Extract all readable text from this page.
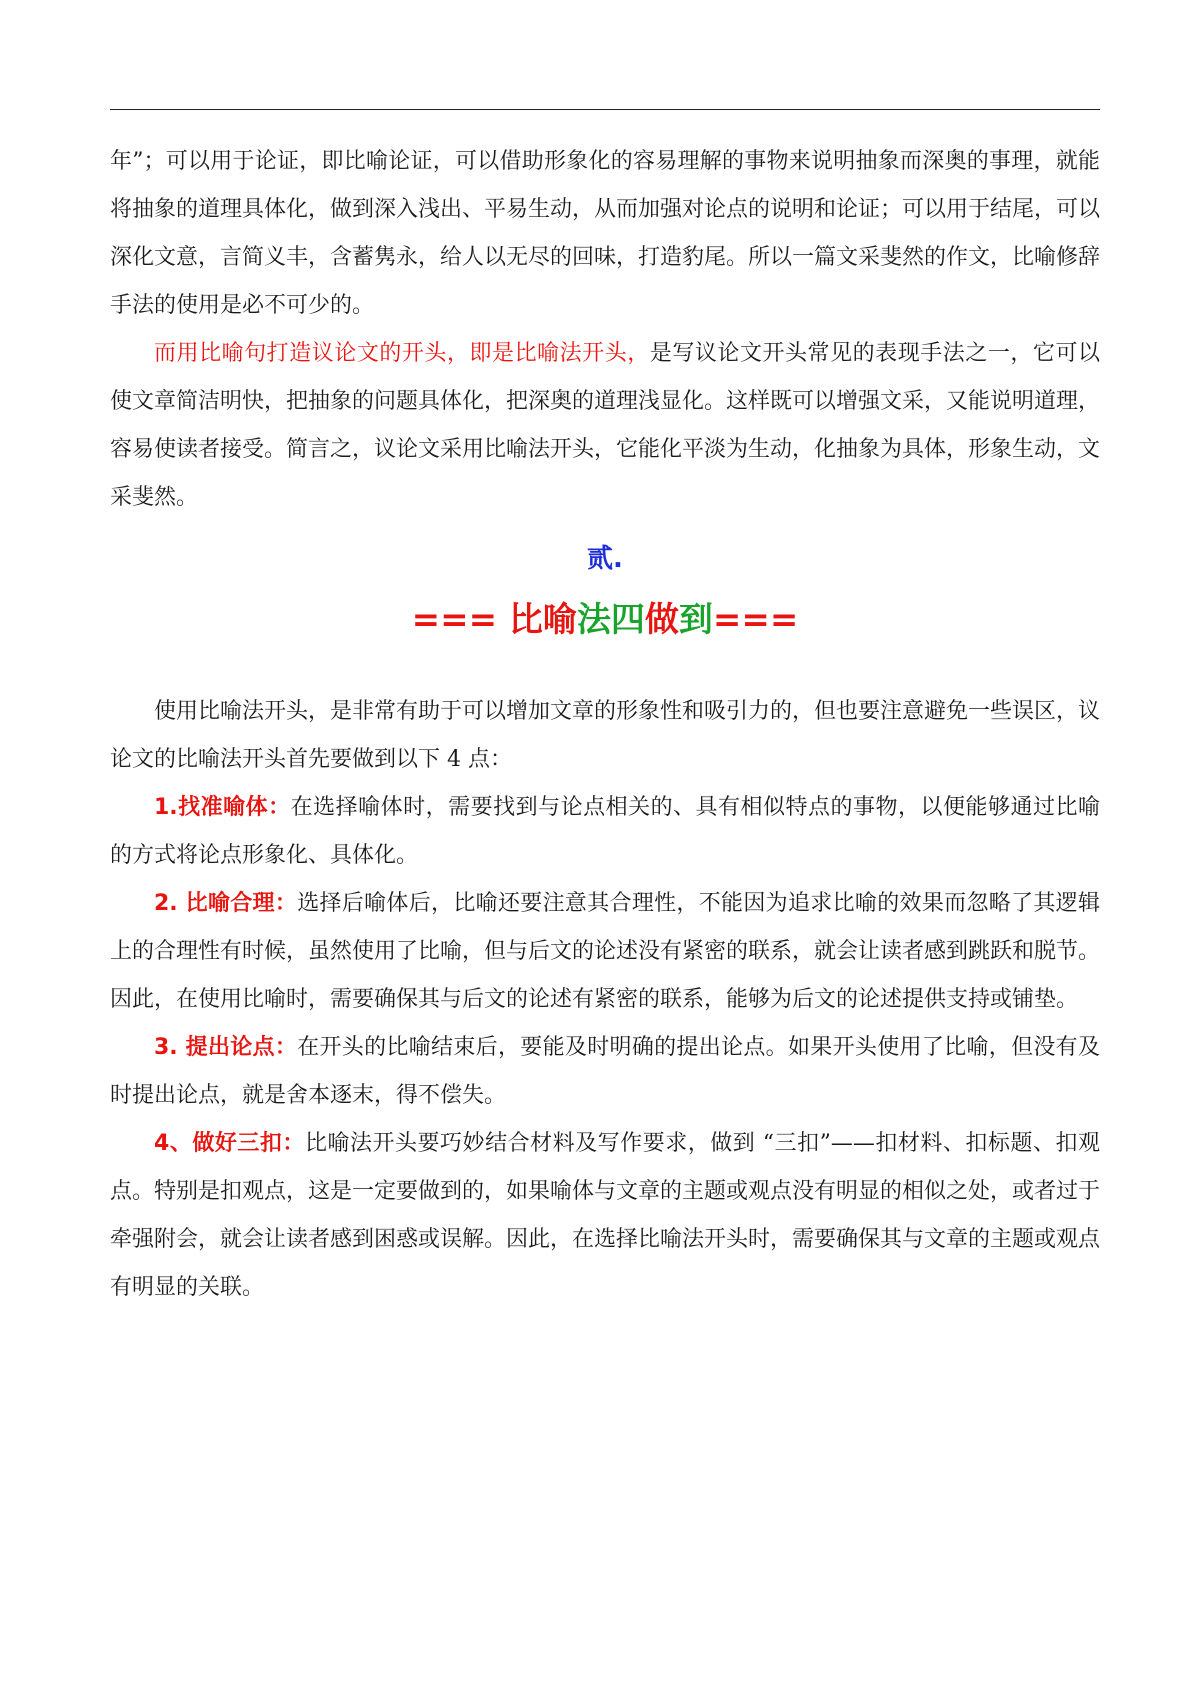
年”；可以用于论证，即比喻论证，可以借助形象化的容易理解的事物来说明抽象而深奥的事理，就能将抽象的道理具体化，做到深入浅出、平易生动，从而加强对论点的说明和论证；可以用于结尾，可以深化文意，言简义丰，含蓄隽永，给人以无尽的回味，打造豹尾。所以一篇文采斐然的作文，比喻修辞手法的使用是必不可少的。

而用比喻句打造议论文的开头，即是比喻法开头，是写议论文开头常见的表现手法之一，它可以使文章简洁明快，把抽象的问题具体化，把深奥的道理浅显化。这样既可以增强文采，又能说明道理，容易使读者接受。简言之，议论文采用比喻法开头，它能化平淡为生动，化抽象为具体，形象生动，文采斐然。

贰.
=== 比喻法四做到===

使用比喻法开头，是非常有助于可以增加文章的形象性和吸引力的，但也要注意避免一些误区，议论文的比喻法开头首先要做到以下 4 点：

1.找准喻体：在选择喻体时，需要找到与论点相关的、具有相似特点的事物，以便能够通过比喻的方式将论点形象化、具体化。

2. 比喻合理：选择后喻体后，比喻还要注意其合理性，不能因为追求比喻的效果而忽略了其逻辑上的合理性有时候，虽然使用了比喻，但与后文的论述没有紧密的联系，就会让读者感到跳跃和脱节。因此，在使用比喻时，需要确保其与后文的论述有紧密的联系，能够为后文的论述提供支持或铺垫。

3. 提出论点：在开头的比喻结束后，要能及时明确的提出论点。如果开头使用了比喻，但没有及时提出论点，就是舍本逐末，得不偿失。

4、做好三扣：比喻法开头要巧妙结合材料及写作要求，做到 “三扣”——扣材料、扣标题、扣观点。特别是扣观点，这是一定要做到的，如果喻体与文章的主题或观点没有明显的相似之处，或者过于牵强附会，就会让读者感到困惑或误解。因此，在选择比喻法开头时，需要确保其与文章的主题或观点有明显的关联。
